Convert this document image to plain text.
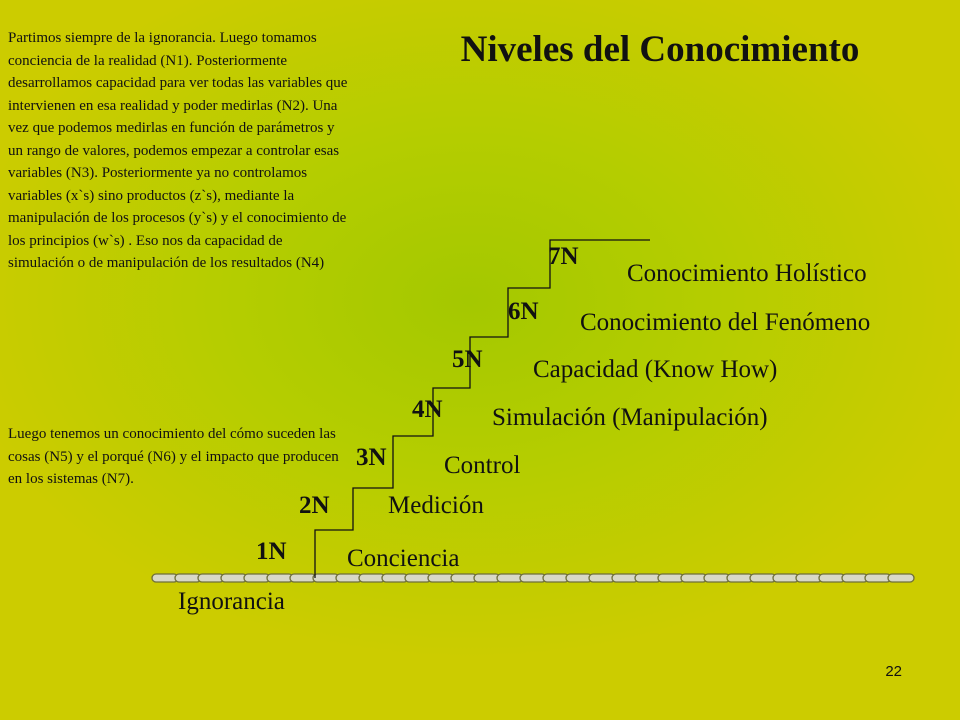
Partimos siempre de la ignorancia. Luego tomamos conciencia de la realidad (N1). Posteriormente desarrollamos capacidad para ver todas las variables que intervienen en esa realidad y poder medirlas (N2). Una vez que podemos medirlas en función de parámetros y un rango de valores, podemos empezar a controlar esas variables (N3). Posteriormente ya no controlamos variables (x`s) sino productos (z`s), mediante la manipulación de los procesos (y`s) y el conocimiento de los principios (w`s) . Eso nos da capacidad de simulación o de manipulación de los resultados (N4)
Luego tenemos un conocimiento del cómo suceden las cosas (N5) y el porqué (N6) y el impacto que producen en los sistemas (N7).
Niveles del Conocimiento
1N Conciencia
2N Medición
3N Control
4N Simulación (Manipulación)
5N Capacidad (Know How)
6N Conocimiento del Fenómeno
7N
Conocimiento Holístico
Ignorancia
22
